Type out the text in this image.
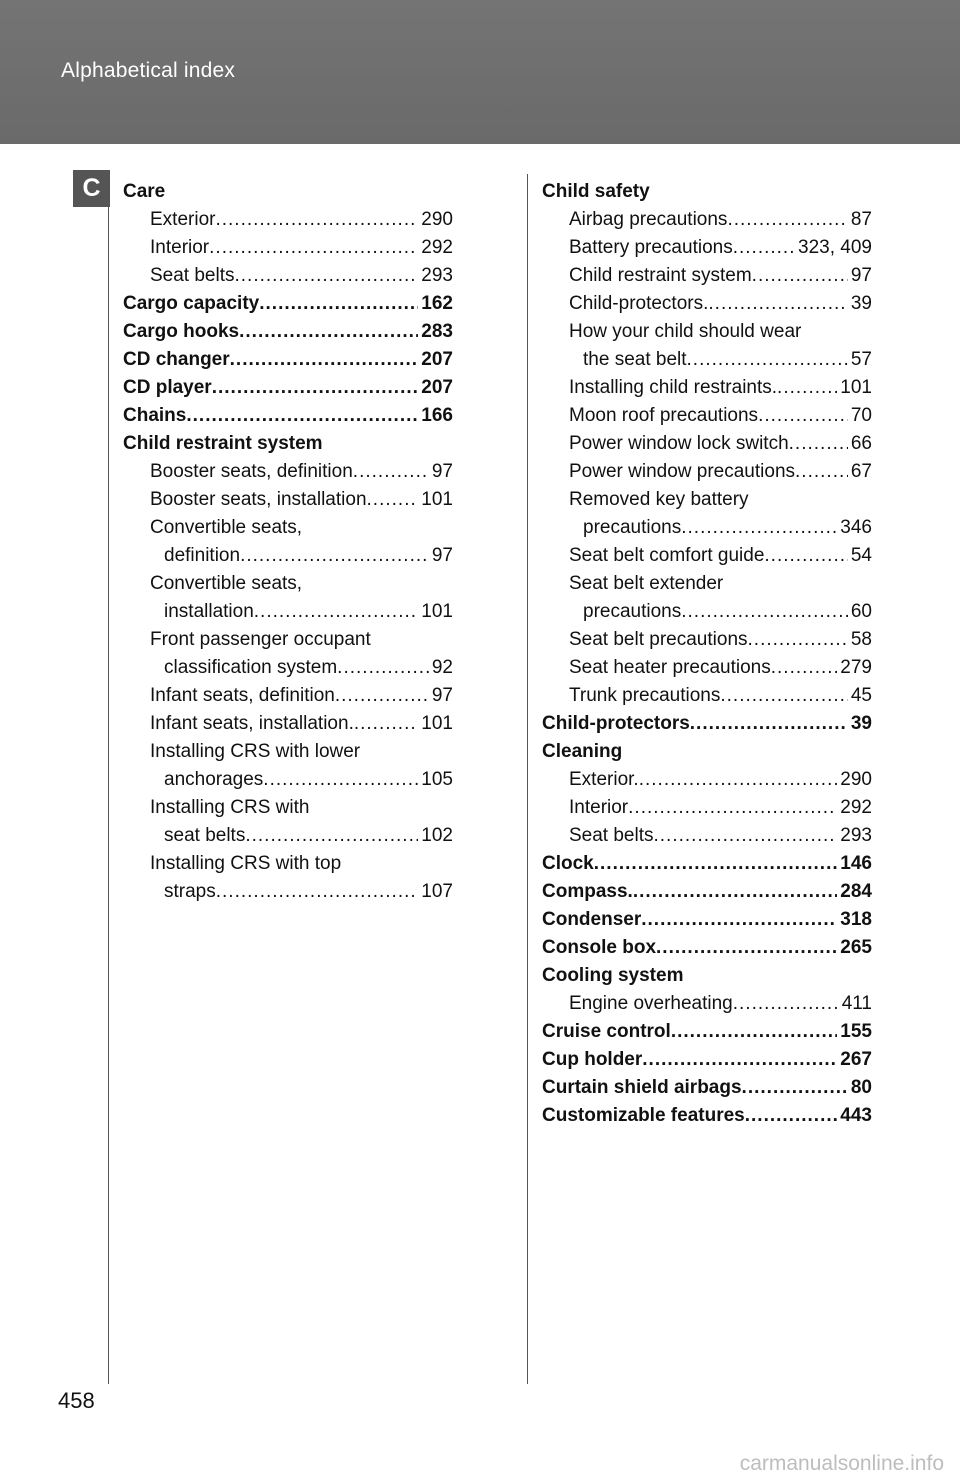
Alphabetical index
C	Care
Exterior .....	290
Interior .....	292
Seat belts .....	293
Cargo capacity .....	162
Cargo hooks .....	283
CD changer .....	207
CD player .....	207
Chains .....	166
Child restraint system
Booster seats, definition .....	97
Booster seats, installation .....	101
Convertible seats,
definition .....	97
Convertible seats,
installation .....	101
Front passenger occupant
classification system .....	92
Infant seats, definition .....	97
Infant seats, installation. .....	101
Installing CRS with lower
anchorages .....	105
Installing CRS with
seat belts .....	102
Installing CRS with top
straps .....	107
Child safety
Airbag precautions .....	87
Battery precautions .....	323, 409
Child restraint system .....	97
Child-protectors. .....	39
How your child should wear
the seat belt .....	57
Installing child restraints. .....	101
Moon roof precautions .....	70
Power window lock switch .....	66
Power window precautions .....	67
Removed key battery
precautions .....	346
Seat belt comfort guide .....	54
Seat belt extender
precautions .....	60
Seat belt precautions .....	58
Seat heater precautions .....	279
Trunk precautions .....	45
Child-protectors .....	39
Cleaning
Exterior. .....	290
Interior .....	292
Seat belts .....	293
Clock .....	146
Compass. .....	284
Condenser .....	318
Console box .....	265
Cooling system
Engine overheating .....	411
Cruise control .....	155
Cup holder .....	267
Curtain shield airbags .....	80
Customizable features .....	443
458
carmanualsonline.info
